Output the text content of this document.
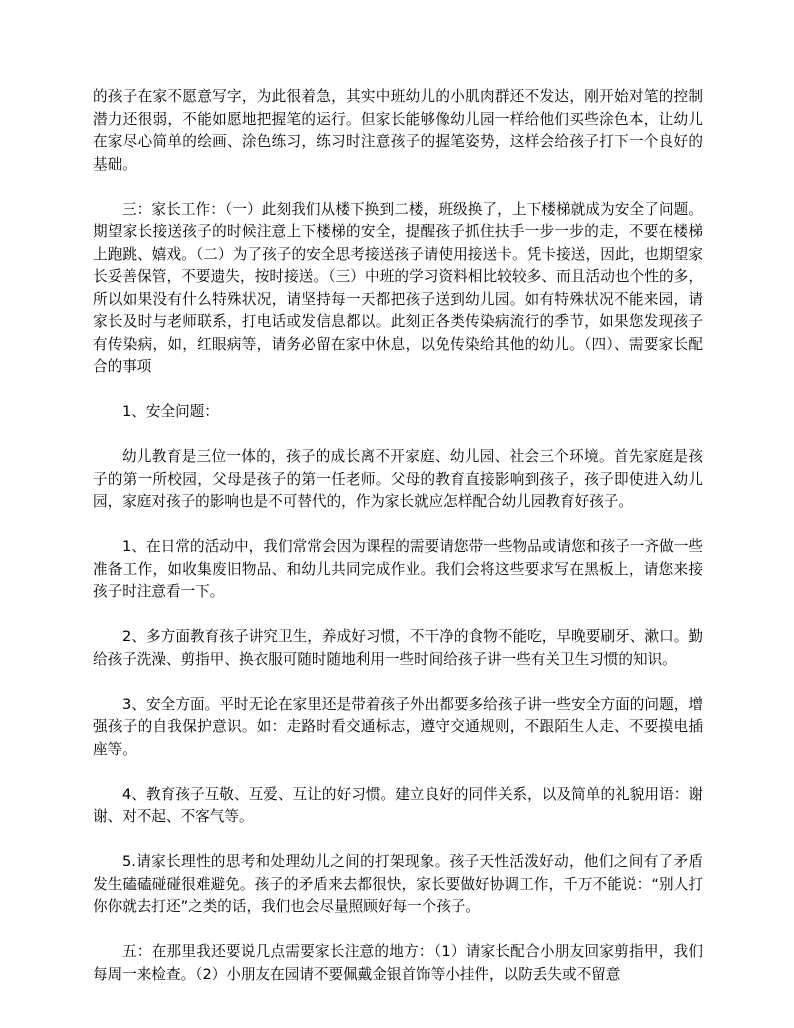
的孩子在家不愿意写字，为此很着急，其实中班幼儿的小肌肉群还不发达，刚开始对笔的控制潜力还很弱，不能如愿地把握笔的运行。但家长能够像幼儿园一样给他们买些涂色本，让幼儿在家尽心简单的绘画、涂色练习，练习时注意孩子的握笔姿势，这样会给孩子打下一个良好的基础。

三：家长工作：（一）此刻我们从楼下换到二楼，班级换了，上下楼梯就成为安全了问题。期望家长接送孩子的时候注意上下楼梯的安全，提醒孩子抓住扶手一步一步的走，不要在楼梯上跑跳、嬉戏。（二）为了孩子的安全思考接送孩子请使用接送卡。凭卡接送，因此，也期望家长妥善保管，不要遗失，按时接送。（三）中班的学习资料相比较较多、而且活动也个性的多，所以如果没有什么特殊状况，请坚持每一天都把孩子送到幼儿园。如有特殊状况不能来园，请家长及时与老师联系，打电话或发信息都以。此刻正各类传染病流行的季节，如果您发现孩子有传染病，如，红眼病等，请务必留在家中休息，以免传染给其他的幼儿。（四）、需要家长配合的事项

1、安全问题：

幼儿教育是三位一体的，孩子的成长离不开家庭、幼儿园、社会三个环境。首先家庭是孩子的第一所校园，父母是孩子的第一任老师。父母的教育直接影响到孩子，孩子即使进入幼儿园，家庭对孩子的影响也是不可替代的，作为家长就应怎样配合幼儿园教育好孩子。

1、在日常的活动中，我们常常会因为课程的需要请您带一些物品或请您和孩子一齐做一些准备工作，如收集废旧物品、和幼儿共同完成作业。我们会将这些要求写在黑板上，请您来接孩子时注意看一下。

2、多方面教育孩子讲究卫生，养成好习惯，不干净的食物不能吃，早晚要刷牙、漱口。勤给孩子洗澡、剪指甲、换衣服可随时随地利用一些时间给孩子讲一些有关卫生习惯的知识。

3、安全方面。平时无论在家里还是带着孩子外出都要多给孩子讲一些安全方面的问题，增强孩子的自我保护意识。如：走路时看交通标志，遵守交通规则，不跟陌生人走、不要摸电插座等。

4、教育孩子互敬、互爱、互让的好习惯。建立良好的同伴关系，以及简单的礼貌用语：谢谢、对不起、不客气等。

5.请家长理性的思考和处理幼儿之间的打架现象。孩子天性活泼好动，他们之间有了矛盾发生磕磕碰碰很难避免。孩子的矛盾来去都很快，家长要做好协调工作，千万不能说：“别人打你你就去打还”之类的话，我们也会尽量照顾好每一个孩子。

五：在那里我还要说几点需要家长注意的地方：（1）请家长配合小朋友回家剪指甲，我们每周一来检查。（2）小朋友在园请不要佩戴金银首饰等小挂件，以防丢失或不留意
